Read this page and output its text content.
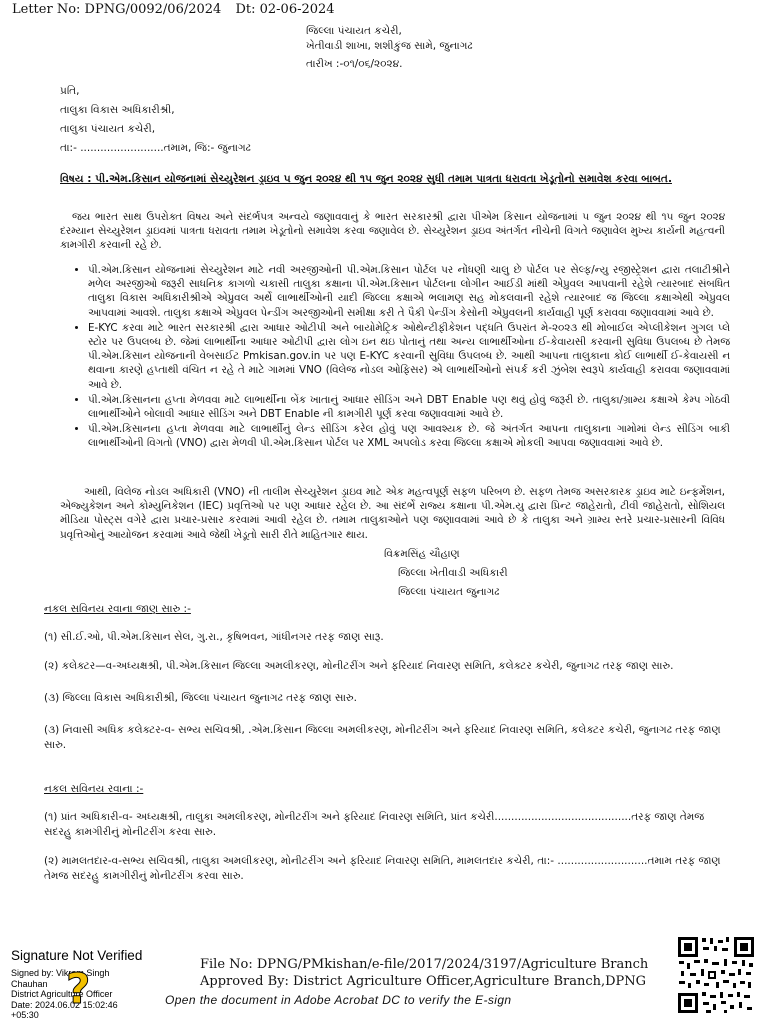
Letter No: DPNG/0092/06/2024 Dt: 02-06-2024
જિલ્લા પંચાયત કચેરી,
ખેતીવાડી શાખા, શશીકુંજ સામે, જુનાગઢ
તારીખ :-૦૧/૦૬/૨૦૨૪.
પ્રતિ,
તાલુકા વિકાસ અધિકારીશ્રી,
તાલુકા પંચાયત કચેરી,
તા:- .........................તમામ, જિ:- જુનાગઢ
વિષય : પી.એમ.કિસાન યોજનામાં સેચ્યુરેશન ડ્રાઇવ ૫ જુન ૨૦૨૪ થી ૧૫ જુન ૨૦૨૪ સુધી તમામ પાત્રતા ધરાવતા ખેડૂતોનો સમાવેશ કરવા બાબત.
જય ભારત સાથ ઉપરોક્ત વિષય અને સંદર્ભપત્ર અન્વયે જણાવવાનું કે ભારત સરકારશ્રી દ્વારા પીએમ કિસાન યોજનામાં ૫ જુન ૨૦૨૪ થી ૧૫ જુન ૨૦૨૪ દરમ્યાન સેચ્યુરેશન ડ્રાઇવમાં પાત્રતા ધરાવતા તમામ ખેડૂતોનો સમાવેશ કરવા જણાવેલ છે. સેચ્યુરેશન ડ્રાઇવ અંતર્ગત નીચેની વિગતે જણાવેલ મુખ્ય કાર્યની મહત્વની કામગીરી કરવાની રહે છે.
• પી.એમ.કિસાન યોજનામાં સેચ્યુરેશન માટે નવી અરજીઓની પી.એમ.કિસાન પોર્ટલ પર નોંધણી ચાલુ છે પોર્ટલ પર સેલ્ફ/ન્યુ રજીસ્ટ્રેશન દ્વારા તલાટીશ્રીને મળેલ અરજીઓ જરૂરી સાધનિક કાગળો ચકાસી તાલુકા કક્ષાના પી.એમ.કિસાન પોર્ટલના લોગીન આઈડી માંથી એપ્રુવલ આપવાની રહેશે ત્યારબાદ સંબધિત તાલુકા વિકાસ અધિકારીશ્રીએ એપ્રુવલ અર્થે લાભાર્થીઓની યાદી જિલ્લા કક્ષાએ ભલામણ સહ મોકલવાની રહેશે ત્યારબાદ જ જિલ્લા કક્ષાએથી એપ્રુવલ આપવામાં આવશે. તાલુકા કક્ષાએ એપ્રુવલ પેન્ડીંગ અરજીઓની સમીક્ષા કરી તે પૈકી પેન્ડીંગ કેસોની એપ્રુવલની કાર્યવાહી પૂર્ણ કરાવવા જણાવવામાં આવે છે.
• E-KYC કરવા માટે ભારત સરકારશ્રી દ્વારા આધાર ઓટીપી અને બાયોમેટ્રિક ઓથેન્ટીફીકેશન પદ્ધતિ ઉપરાંત મે-૨૦૨૩ થી મોબાઈલ એપ્લીકેશન ગુગલ પ્લે સ્ટોર પર ઉપલબ્ધ છે. જેમાં લાભાર્થીના આધાર ઓટીપી દ્વારા લોગ ઇન થઇ પોતાનું તથા અન્ય લાભાર્થીઓના ઈ-કેવાયસી કરવાની સુવિધા ઉપલબ્ધ છે તેમજ પી.એમ.કિસાન યોજનાની વેબસાઈટ Pmkisan.gov.in પર પણ E-KYC કરવાની સુવિધા ઉપલબ્ધ છે. આથી આપના તાલુકાના કોઈ લાભાર્થી ઈ-કેવાયસી ન થવાના કારણે હપ્તાથી વંચિત ન રહે તે માટે ગામમાં VNO (વિલેજ નોડલ ઓફિસર) એ લાભાર્થીઓનો સંપર્ક કરી ઝુંબેશ સ્વરૂપે કાર્યવાહી કરાવવા જણાવવામાં આવે છે.
• પી.એમ.કિસાનના હપ્તા મેળવવા માટે લાભાર્થીના બેંક ખાતાનું આધાર સીડિંગ અને DBT Enable પણ થવું હોવું જરૂરી છે. તાલુકા/ગ્રામ્ય કક્ષાએ કેમ્પ ગોઠવી લાભાર્થીઓને બોલાવી આધાર સીડિંગ અને DBT Enable ની કામગીરી પૂર્ણ કરવા જણાવવામાં આવે છે.
• પી.એમ.કિસાનના હપ્તા મેળવવા માટે લાભાર્થીનું લેન્ડ સીડિંગ કરેલ હોવું પણ આવશ્યક છે. જે અંતર્ગત આપના તાલુકાના ગામોમાં લેન્ડ સીડિંગ બાકી લાભાર્થીઓની વિગતો (VNO) દ્વારા મેળવી પી.એમ.કિસાન પોર્ટલ પર XML અપલોડ કરવા જિલ્લા કક્ષાએ મોકલી આપવા જણાવવામાં આવે છે.
આથી, વિલેજ નોડલ અધિકારી (VNO) ની તાલીમ સેચ્યુરેશન ડ્રાઇવ માટે એક મહત્વપૂર્ણ સફળ પરિબળ છે. સફળ તેમજ અસરકારક ડ્રાઇવ માટે ઇન્ફર્મેશન, એજ્યુકેશન અને કોમ્યુનિકેશન (IEC) પ્રવૃત્તિઓ પર પણ આધાર રહેલ છે. આ સંદર્ભે રાજ્ય કક્ષાના પી.એમ.યુ દ્વારા પ્રિન્ટ જાહેરાતો, ટીવી જાહેરાતો, સોશિયલ મીડિયા પોસ્ટ્સ વગેરે દ્વારા પ્રચાર-પ્રસાર કરવામાં આવી રહેલ છે. તમામ તાલુકાઓને પણ જણાવવામાં આવે છે કે તાલુકા અને ગ્રામ્ય સ્તરે પ્રચાર-પ્રસારની વિવિધ પ્રવૃત્તિઓનું આયોજન કરવામાં આવે જેથી ખેડૂતો સારી રીતે માહિતગાર થાય.
વિક્રમસિંહ ચૌહાણ
જિલ્લા ખેતીવાડી અધિકારી
જિલ્લા પંચાયત જુનાગઢ
નકલ સવિનય રવાના જાણ સારુ :-
(૧) સી.ઈ.ઓ, પી.એમ.કિસાન સેલ, ગુ.રા., કૃષિભવન, ગાંધીનગર તરફ જાણ સારૂ.
(૨) કલેક્ટર—વ-અધ્યક્ષશ્રી, પી.એમ.કિસાન જિલ્લા અમલીકરણ, મોનીટરીંગ અને ફરિયાદ નિવારણ સમિતિ, કલેક્ટર કચેરી, જુનાગઢ તરફ જાણ સારુ.
(૩) જિલ્લા વિકાસ અધિકારીશ્રી, જિલ્લા પંચાયત જુનાગઢ તરફ જાણ સારુ.
(૩) નિવાસી અધિક કલેક્ટર-વ- સભ્ય સચિવશ્રી, .એમ.કિસાન જિલ્લા અમલીકરણ, મોનીટરીંગ અને ફરિયાદ નિવારણ સમિતિ, કલેક્ટર કચેરી, જુનાગઢ તરફ જાણ સારુ.
નકલ સવિનય રવાના :-
(૧) પ્રાંત અધિકારી-વ- અધ્યક્ષશ્રી, તાલુકા અમલીકરણ, મોનીટરીંગ અને ફરિયાદ નિવારણ સમિતિ, પ્રાંત કચેરી.........................................તરફ જાણ તેમજ સદરહુ કામગીરીનું મોનીટરીંગ કરવા સારુ.
(૨) મામલતદાર-વ-સભ્ય સચિવશ્રી, તાલુકા અમલીકરણ, મોનીટરીંગ અને ફરિયાદ નિવારણ સમિતિ, મામલતદાર કચેરી, તા:- ...........................તમામ તરફ જાણ તેમજ સદરહુ કામગીરીનું મોનીટરીંગ કરવા સારુ.
Signature Not Verified
Signed by: Vikram Singh Chauhan
District Agriculture Officer
Date: 2024.06.02 15:02:46
+05:30
?	File No: DPNG/PMkishan/e-file/2017/2024/3197/Agriculture Branch
Approved By: District Agriculture Officer,Agriculture Branch,DPNG
Open the document in Adobe Acrobat DC to verify the E-sign
